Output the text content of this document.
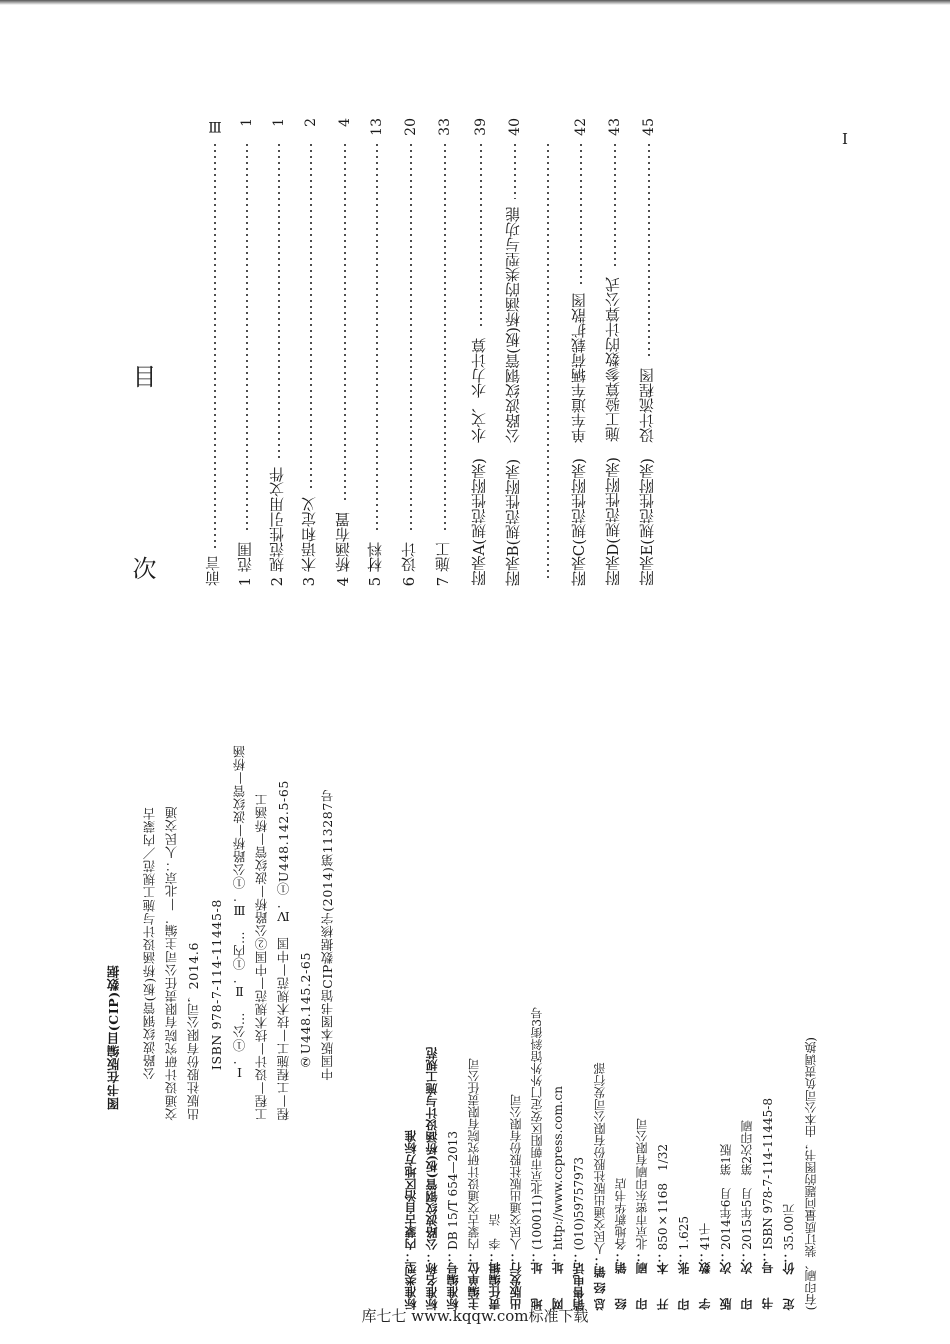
图书在版编目(CIP)数据 公路波纹钢管(板)桥涵设计与施工规范／内蒙古 交通设计研究院有限责任公司主编．—北京：人民交通 出版社股份有限公司，2014.6 ISBN 978-7-114-11445-8 Ⅰ．①公…　Ⅱ．①内…　Ⅲ．①公路桥—波纹管—桥涵 工程—设计—技术规范—中国②公路桥—波纹管—桥涵工 程—工程施工—技术规范—中国　Ⅳ．①U448.142.5-65 ②U448.145.2-65 中国版本图书馆CIP数据核字(2014)第113287号
标准类型：内蒙古自治区地方标准
标准名称：公路波纹钢管(板)桥涵设计与施工规范
标准编号：DB 15/T 654—2013
主编单位：内蒙古交通设计研究院有限责任公司
责任编辑：李　洁
出版发行：人民交通出版社股份有限公司
地　　址：(100011)北京市朝阳区安定门外外馆斜街3号
网　　址：http://www.ccpress.com.cn
销售电话：(010)59757973
总 经 销：人民交通出版社股份有限公司发行部
经　　销：各地新华书店
印　　刷：北京市密东印刷有限公司
开　　本：850×1168　1/32
印　　张：1.625
字　　数：41千
版　　次：2014年6月　第1版
印　　次：2015年5月　第2次印刷
书　　号：ISBN 978-7-114-11445-8
定　　价：35.00元 (有印刷、装订质量问题的图书，由本公司负责调换)
目　　次	前言
Ⅲ
1 范围
1
2 规范性引用文件
1
3 术语和定义
2
4 桥涵布置
4
5 材料
13
6 设计
20
7 施工
33
附录A(规范性附录)　水文、水力计算
39
附录B(规范性附录)　公路波纹钢管(板)桥涵的类型与功能
40
附录C(规范性附录)　单车道车辆荷载扩散图
42
附录D(规范性附录)　施工验算参数的计算公式
43
附录E(规范性附录)　设计流程图
45
Ⅰ
库七七 www.kqqw.com标准下载
